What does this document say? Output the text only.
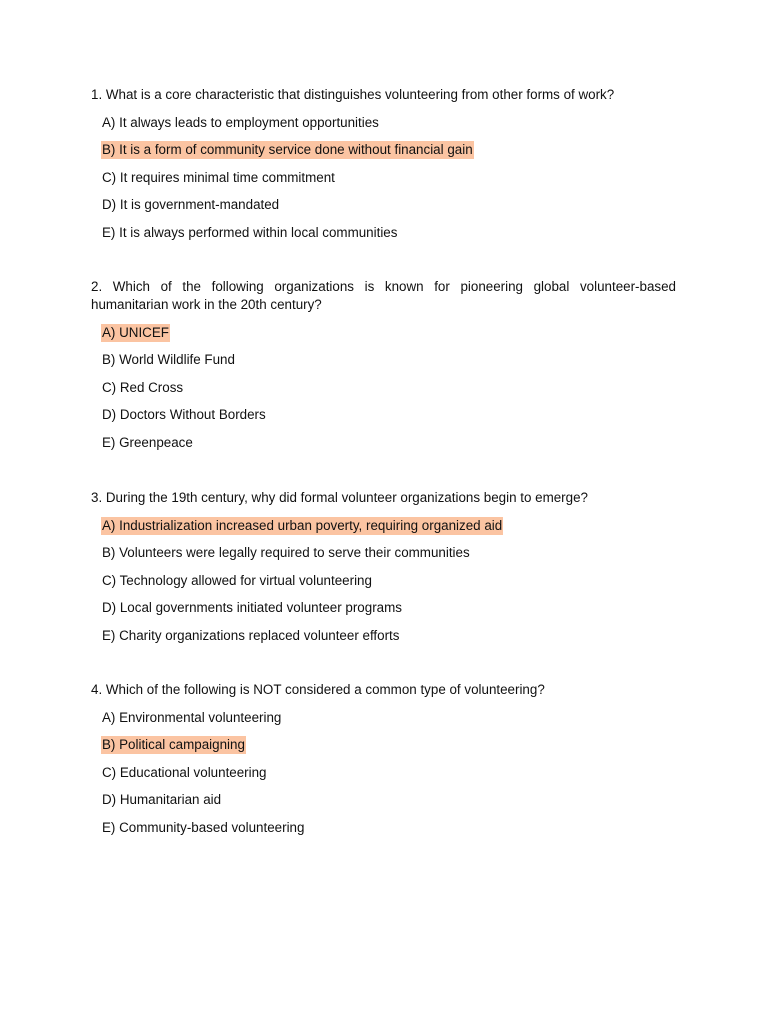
1. What is a core characteristic that distinguishes volunteering from other forms of work?

A) It always leads to employment opportunities
B) It is a form of community service done without financial gain
C) It requires minimal time commitment
D) It is government-mandated
E) It is always performed within local communities

2. Which of the following organizations is known for pioneering global volunteer-based humanitarian work in the 20th century?

A) UNICEF
B) World Wildlife Fund
C) Red Cross
D) Doctors Without Borders
E) Greenpeace

3. During the 19th century, why did formal volunteer organizations begin to emerge?

A) Industrialization increased urban poverty, requiring organized aid
B) Volunteers were legally required to serve their communities
C) Technology allowed for virtual volunteering
D) Local governments initiated volunteer programs
E) Charity organizations replaced volunteer efforts

4. Which of the following is NOT considered a common type of volunteering?

A) Environmental volunteering
B) Political campaigning
C) Educational volunteering
D) Humanitarian aid
E) Community-based volunteering
